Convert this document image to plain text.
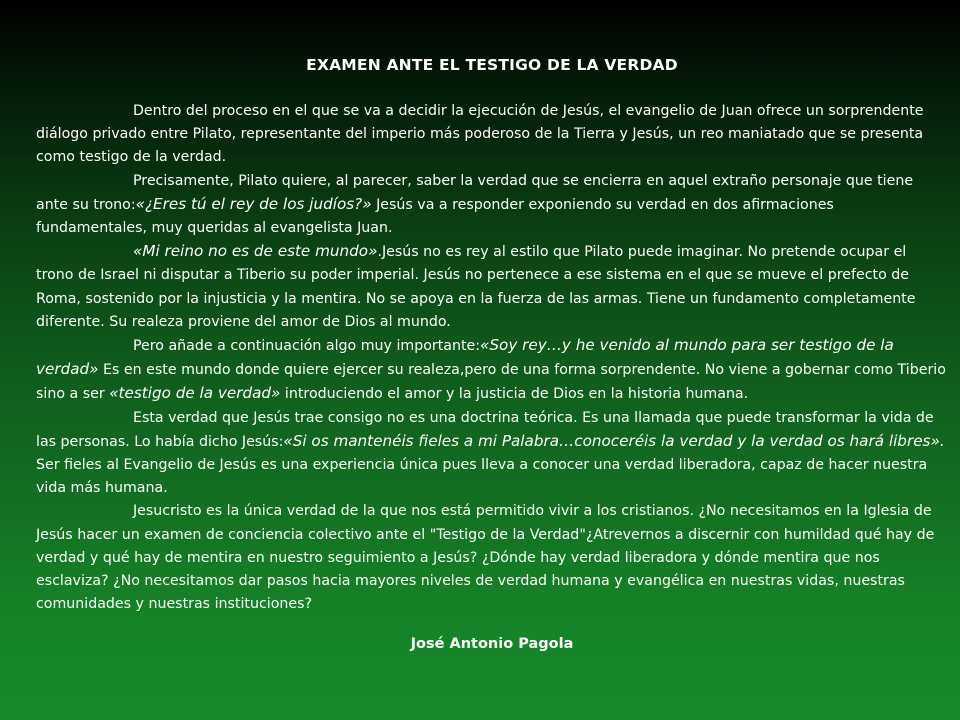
EXAMEN ANTE EL TESTIGO DE LA VERDAD

Dentro del proceso en el que se va a decidir la ejecución de Jesús, el evangelio de Juan ofrece un sorprendente diálogo privado entre Pilato, representante del imperio más poderoso de la Tierra y Jesús, un reo maniatado que se presenta como testigo de la verdad.

Precisamente, Pilato quiere, al parecer, saber la verdad que se encierra en aquel extraño personaje que tiene ante su trono:«¿Eres tú el rey de los judíos?» Jesús va a responder exponiendo su verdad en dos afirmaciones fundamentales, muy queridas al evangelista Juan.

«Mi reino no es de este mundo».Jesús no es rey al estilo que Pilato puede imaginar. No pretende ocupar el trono de Israel ni disputar a Tiberio su poder imperial. Jesús no pertenece a ese sistema en el que se mueve el prefecto de Roma, sostenido por la injusticia y la mentira. No se apoya en la fuerza de las armas. Tiene un fundamento completamente diferente. Su realeza proviene del amor de Dios al mundo.

Pero añade a continuación algo muy importante:«Soy rey…y he venido al mundo para ser testigo de la verdad» Es en este mundo donde quiere ejercer su realeza,pero de una forma sorprendente. No viene a gobernar como Tiberio sino a ser «testigo de la verdad» introduciendo el amor y la justicia de Dios en la historia humana.

Esta verdad que Jesús trae consigo no es una doctrina teórica. Es una llamada que puede transformar la vida de las personas. Lo había dicho Jesús:«Si os mantenéis fieles a mi Palabra…conoceréis la verdad y la verdad os hará libres». Ser fieles al Evangelio de Jesús es una experiencia única pues lleva a conocer una verdad liberadora, capaz de hacer nuestra vida más humana.

Jesucristo es la única verdad de la que nos está permitido vivir a los cristianos. ¿No necesitamos en la Iglesia de Jesús hacer un examen de conciencia colectivo ante el "Testigo de la Verdad"¿Atrevernos a discernir con humildad qué hay de verdad y qué hay de mentira en nuestro seguimiento a Jesús? ¿Dónde hay verdad liberadora y dónde mentira que nos esclaviza? ¿No necesitamos dar pasos hacia mayores niveles de verdad humana y evangélica en nuestras vidas, nuestras comunidades y nuestras instituciones?

José Antonio Pagola
